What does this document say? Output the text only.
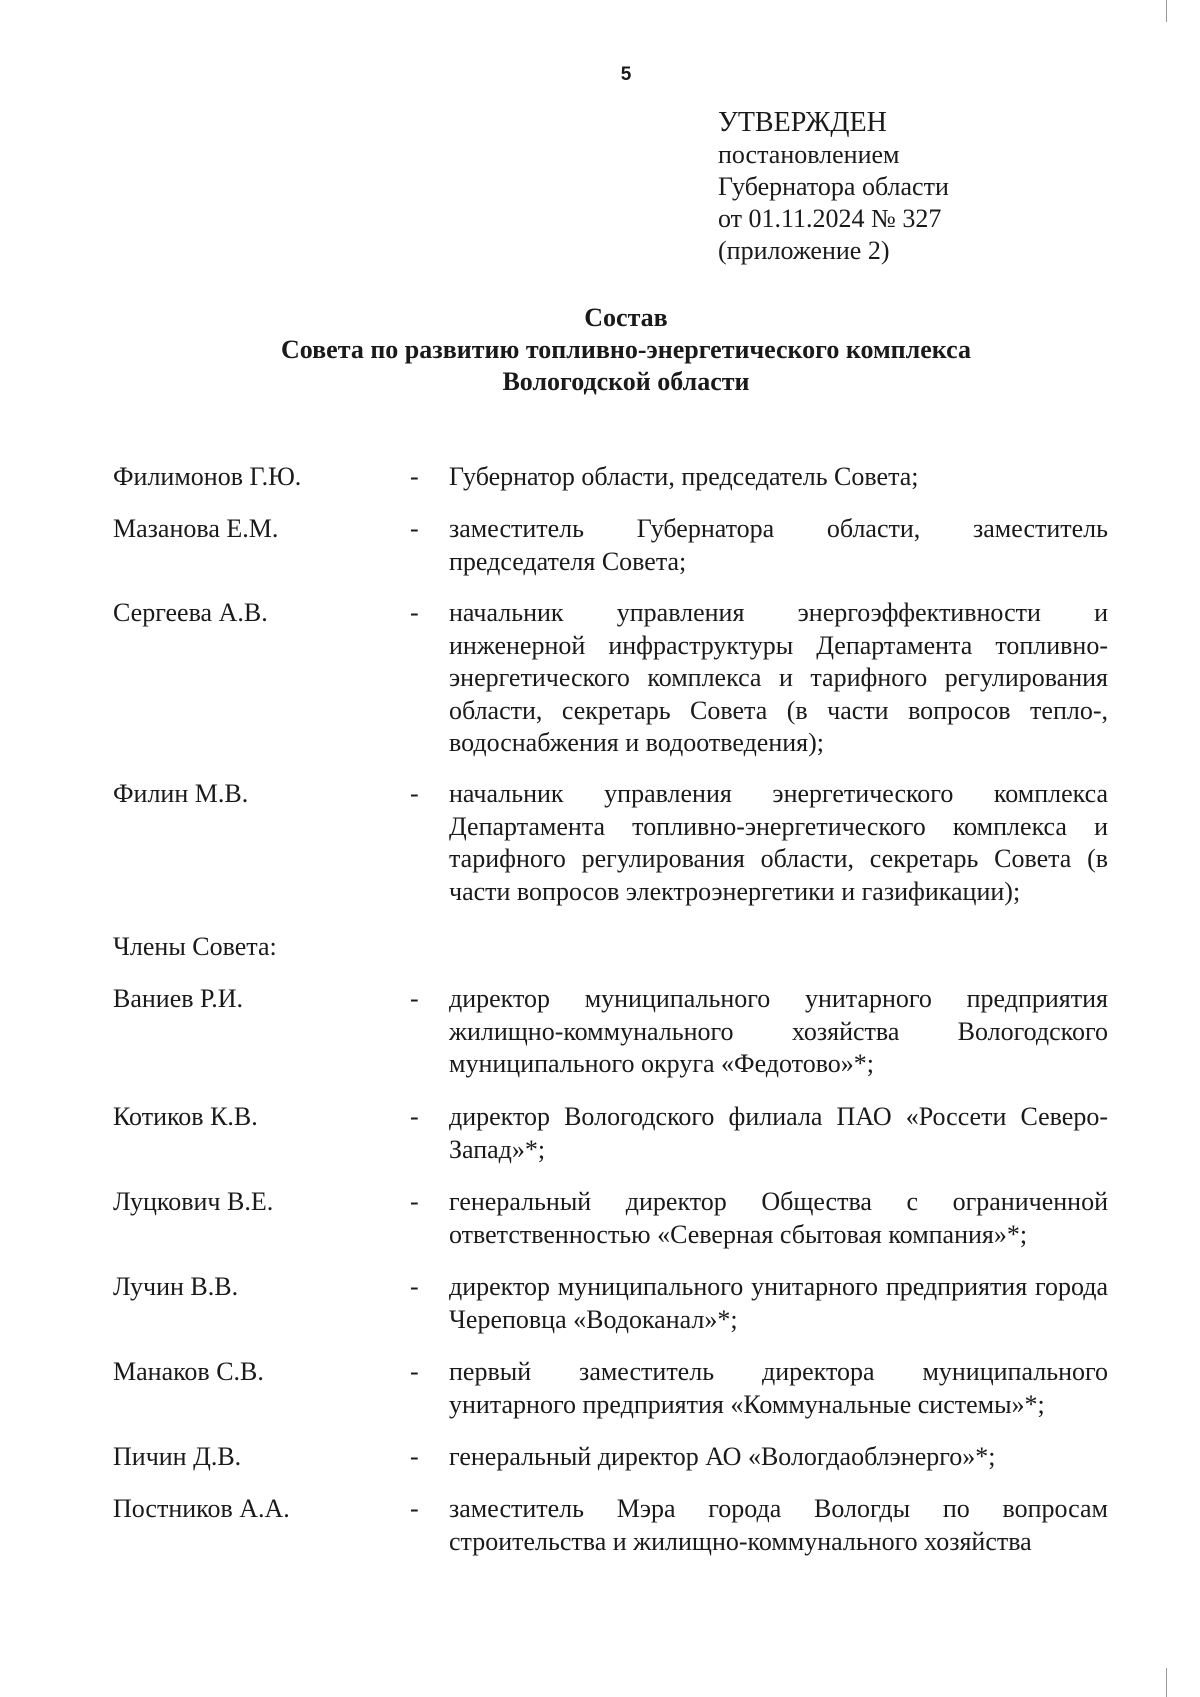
5
УТВЕРЖДЕН
постановлением
Губернатора области
от 01.11.2024 № 327
(приложение 2)
Состав
Совета по развитию топливно-энергетического комплекса
Вологодской области
Филимонов Г.Ю.	- Губернатор области, председатель Совета;
Мазанова Е.М.	- заместитель Губернатора области, заместитель председателя Совета;
Сергеева А.В.	- начальник управления энергоэффективности и инженерной инфраструктуры Департамента топливно-энергетического комплекса и тарифного регулирования области, секретарь Совета (в части вопросов тепло-, водоснабжения и водоотведения);
Филин М.В.	- начальник управления энергетического комплекса Департамента топливно-энергетического комплекса и тарифного регулирования области, секретарь Совета (в части вопросов электроэнергетики и газификации);
Члены Совета:
Ваниев Р.И.	- директор муниципального унитарного предприятия жилищно-коммунального хозяйства Вологодского муниципального округа «Федотово»*;
Котиков К.В.	- директор Вологодского филиала ПАО «Россети Северо-Запад»*;
Луцкович В.Е.	- генеральный директор Общества с ограниченной ответственностью «Северная сбытовая компания»*;
Лучин В.В.	- директор муниципального унитарного предприятия города Череповца «Водоканал»*;
Манаков С.В.	- первый заместитель директора муниципального унитарного предприятия «Коммунальные системы»*;
Пичин Д.В.	- генеральный директор АО «Вологдаоблэнерго»*;
Постников А.А.	- заместитель Мэра города Вологды по вопросам строительства и жилищно-коммунального хозяйства
